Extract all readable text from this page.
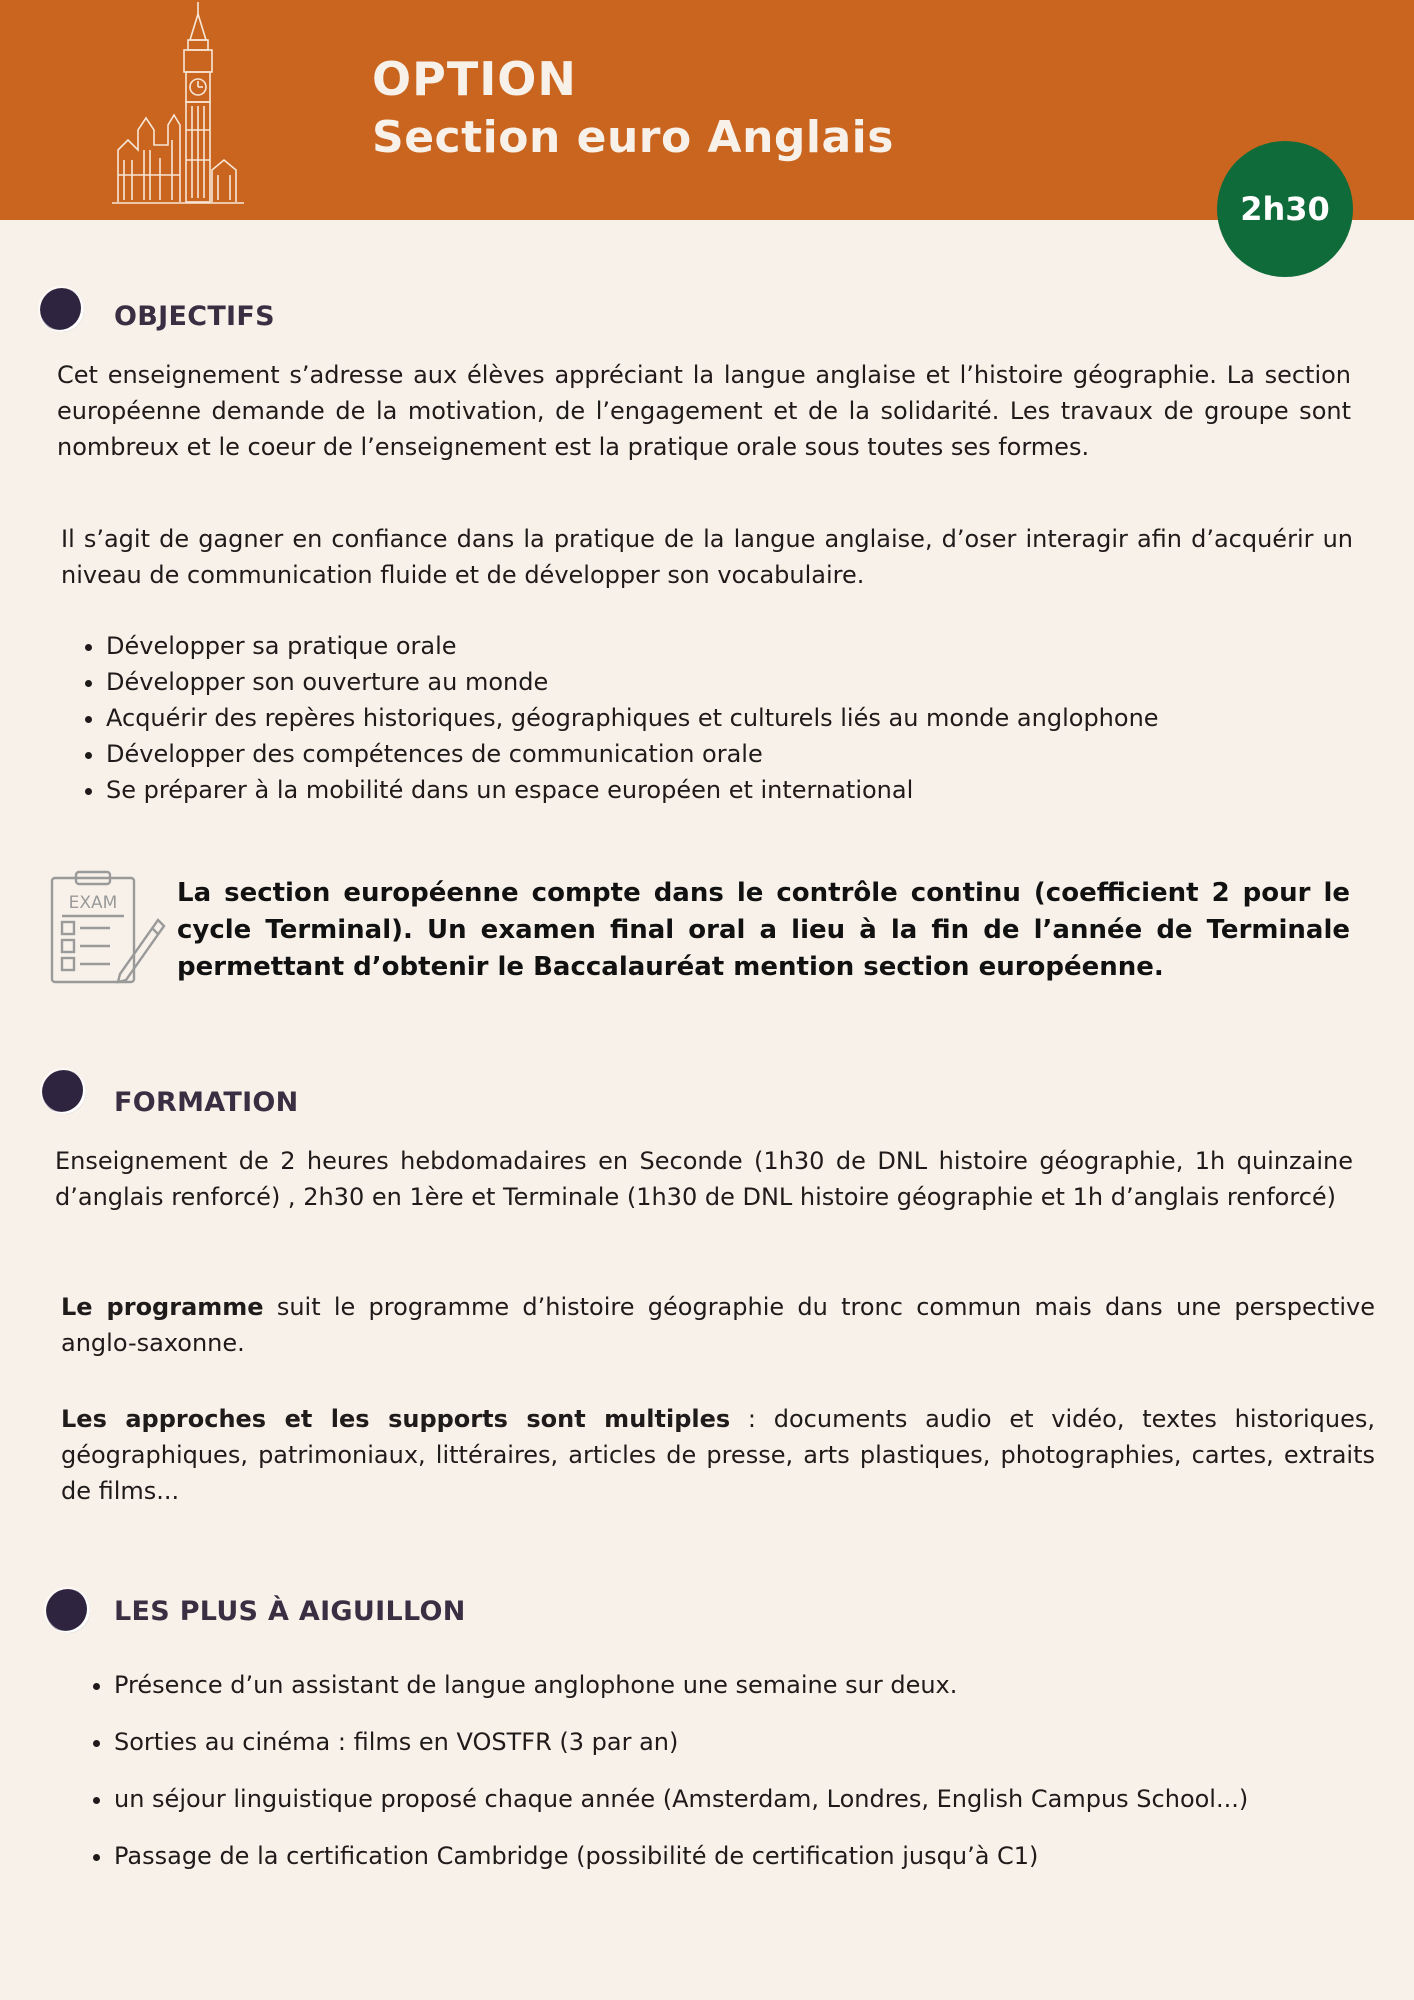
OPTION
Section euro Anglais
2h30
OBJECTIFS
Cet enseignement s’adresse aux élèves appréciant la langue anglaise et l’histoire géographie. La section européenne demande de la motivation, de l’engagement et de la solidarité. Les travaux de groupe sont nombreux et le coeur de l’enseignement est la pratique orale sous toutes ses formes.
Il s’agit de gagner en confiance dans la pratique de la langue anglaise, d’oser interagir afin d’acquérir un niveau de communication fluide et de développer son vocabulaire.
• Développer sa pratique orale
• Développer son ouverture au monde
• Acquérir des repères historiques, géographiques et culturels liés au monde anglophone
• Développer des compétences de communication orale
• Se préparer à la mobilité dans un espace européen et international
EXAM La section européenne compte dans le contrôle continu (coefficient 2 pour le cycle Terminal). Un examen final oral a lieu à la fin de l’année de Terminale permettant d’obtenir le Baccalauréat mention section européenne.
FORMATION
Enseignement de 2 heures hebdomadaires en Seconde (1h30 de DNL histoire géographie, 1h quinzaine d’anglais renforcé) , 2h30 en 1ère et Terminale (1h30 de DNL histoire géographie et 1h d’anglais renforcé)
Le programme suit le programme d’histoire géographie du tronc commun mais dans une perspective anglo-saxonne.
Les approches et les supports sont multiples : documents audio et vidéo, textes historiques, géographiques, patrimoniaux, littéraires, articles de presse, arts plastiques, photographies, cartes, extraits de films...
LES PLUS À AIGUILLON
• Présence d’un assistant de langue anglophone une semaine sur deux.
• Sorties au cinéma : films en VOSTFR (3 par an)
• un séjour linguistique proposé chaque année (Amsterdam, Londres, English Campus School...)
• Passage de la certification Cambridge (possibilité de certification jusqu’à C1)
